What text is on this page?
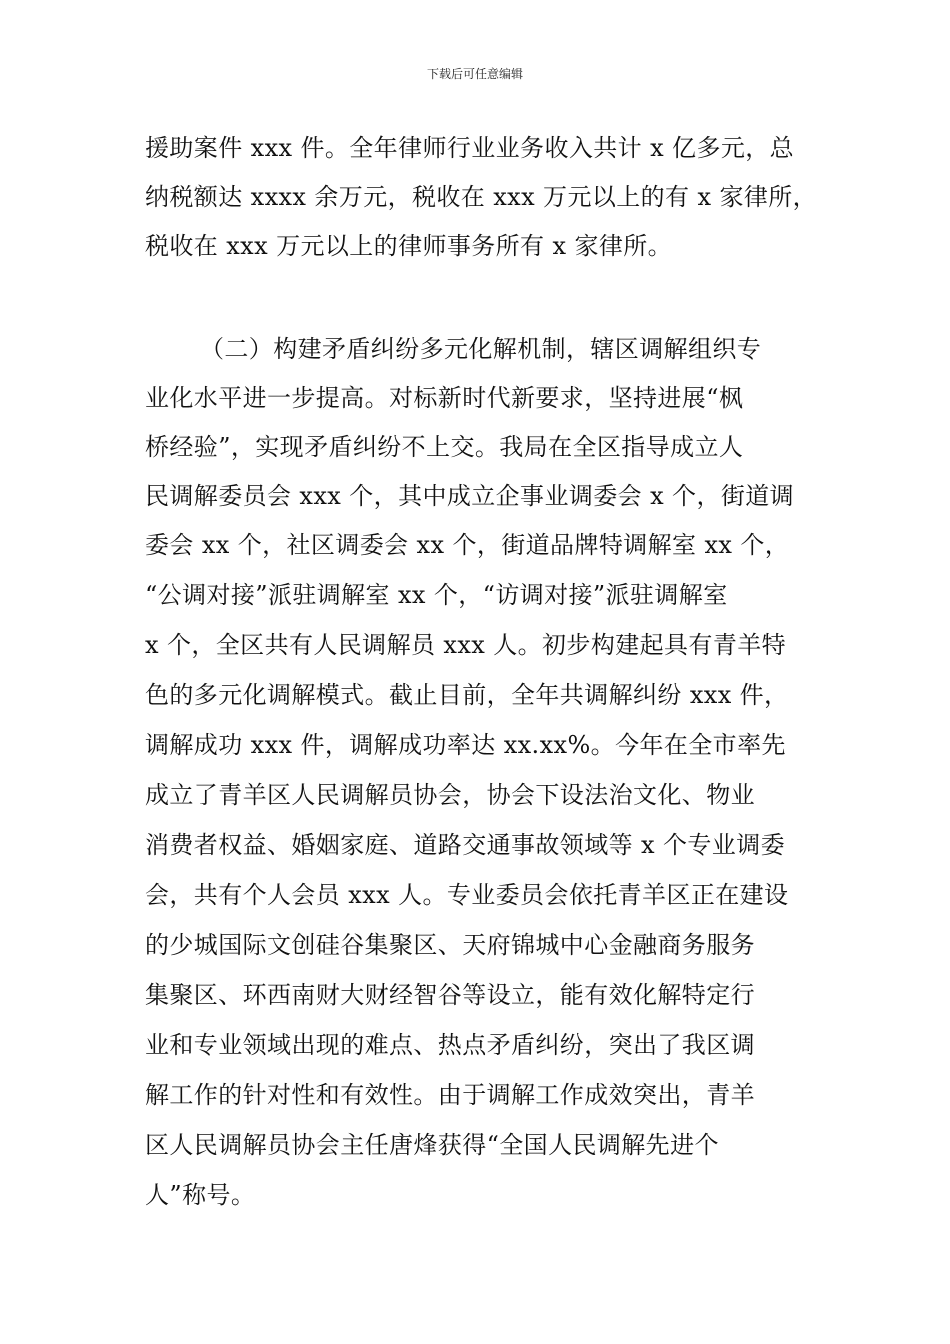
下载后可任意编辑
援助案件 xxx 件。全年律师行业业务收入共计 x 亿多元，总
纳税额达 xxxx 余万元，税收在 xxx 万元以上的有 x 家律所，
税收在 xxx 万元以上的律师事务所有 x 家律所。
（二）构建矛盾纠纷多元化解机制，辖区调解组织专
业化水平进一步提高。对标新时代新要求，坚持进展“枫
桥经验”，实现矛盾纠纷不上交。我局在全区指导成立人
民调解委员会 xxx 个，其中成立企事业调委会 x 个，街道调
委会 xx 个，社区调委会 xx 个，街道品牌特调解室 xx 个，
“公调对接”派驻调解室 xx 个，“访调对接”派驻调解室
x 个，全区共有人民调解员 xxx 人。初步构建起具有青羊特
色的多元化调解模式。截止目前，全年共调解纠纷 xxx 件，
调解成功 xxx 件，调解成功率达 xx.xx%。今年在全市率先
成立了青羊区人民调解员协会，协会下设法治文化、物业
消费者权益、婚姻家庭、道路交通事故领域等 x 个专业调委
会，共有个人会员 xxx 人。专业委员会依托青羊区正在建设
的少城国际文创硅谷集聚区、天府锦城中心金融商务服务
集聚区、环西南财大财经智谷等设立，能有效化解特定行
业和专业领域出现的难点、热点矛盾纠纷，突出了我区调
解工作的针对性和有效性。由于调解工作成效突出，青羊
区人民调解员协会主任唐烽获得“全国人民调解先进个
人”称号。
